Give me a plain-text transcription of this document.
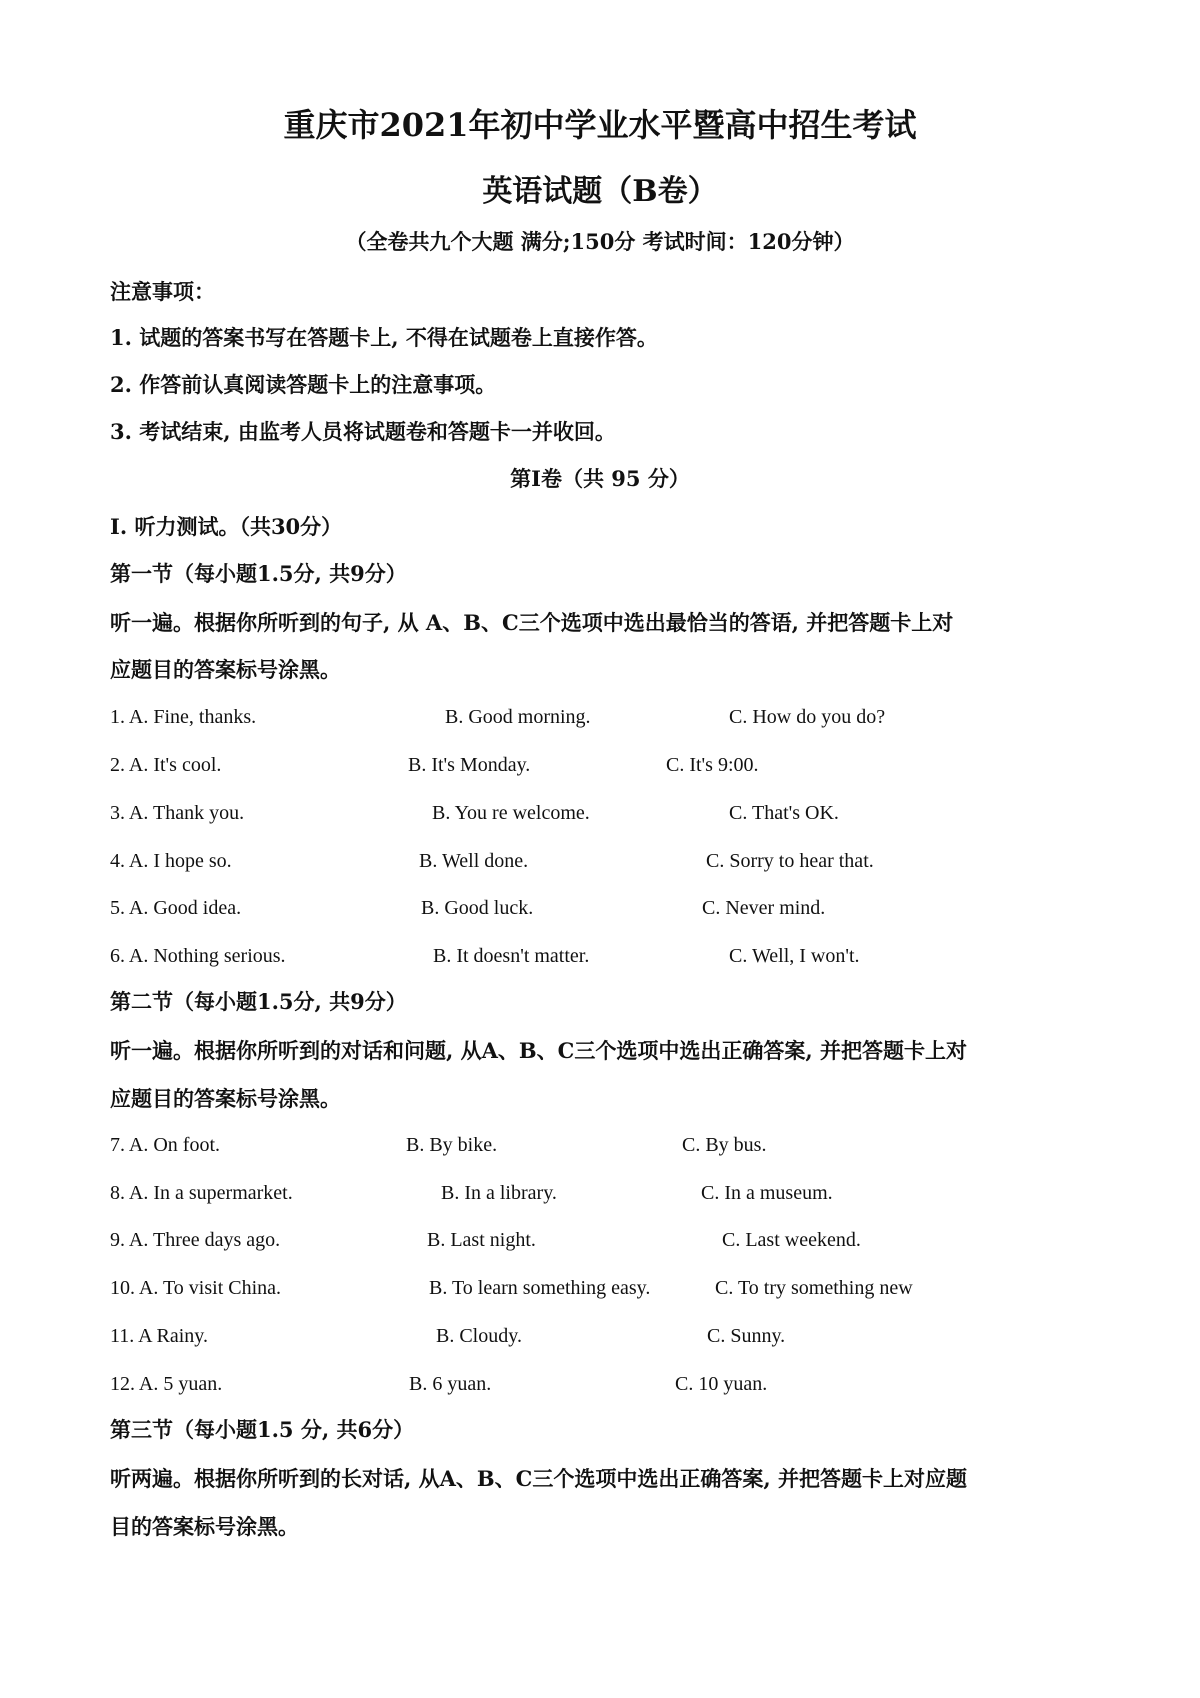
重庆市2021年初中学业水平暨高中招生考试
英语试题（B卷）
（全卷共九个大题 满分;150分 考试时间：120分钟）
注意事项：
1. 试题的答案书写在答题卡上, 不得在试题卷上直接作答。
2. 作答前认真阅读答题卡上的注意事项。
3. 考试结束, 由监考人员将试题卷和答题卡一并收回。
第I卷（共 95 分）
I. 听力测试。（共30分）
第一节（每小题1.5分, 共9分）
听一遍。根据你所听到的句子, 从 A、B、C三个选项中选出最恰当的答语, 并把答题卡上对
应题目的答案标号涂黑。
1. A. Fine, thanks.	B. Good morning.	C. How do you do?
2. A. It's cool.	B. It's Monday.	C. It's 9:00.
3. A. Thank you.	B. You re welcome.	C. That's OK.
4. A. I hope so.	B. Well done.	C. Sorry to hear that.
5. A. Good idea.	B. Good luck.	C. Never mind.
6. A. Nothing serious.	B. It doesn't matter.	C. Well, I won't.
第二节（每小题1.5分, 共9分）
听一遍。根据你所听到的对话和问题, 从A、B、C三个选项中选出正确答案, 并把答题卡上对
应题目的答案标号涂黑。
7. A. On foot.	B. By bike.	C. By bus.
8. A. In a supermarket.	B. In a library.	C. In a museum.
9. A. Three days ago.	B. Last night.	C. Last weekend.
10. A. To visit China.	B. To learn something easy.	C. To try something new
11. A Rainy.	B. Cloudy.	C. Sunny.
12. A. 5 yuan.	B. 6 yuan.	C. 10 yuan.
第三节（每小题1.5 分, 共6分）
听两遍。根据你所听到的长对话, 从A、B、C三个选项中选出正确答案, 并把答题卡上对应题
目的答案标号涂黑。
